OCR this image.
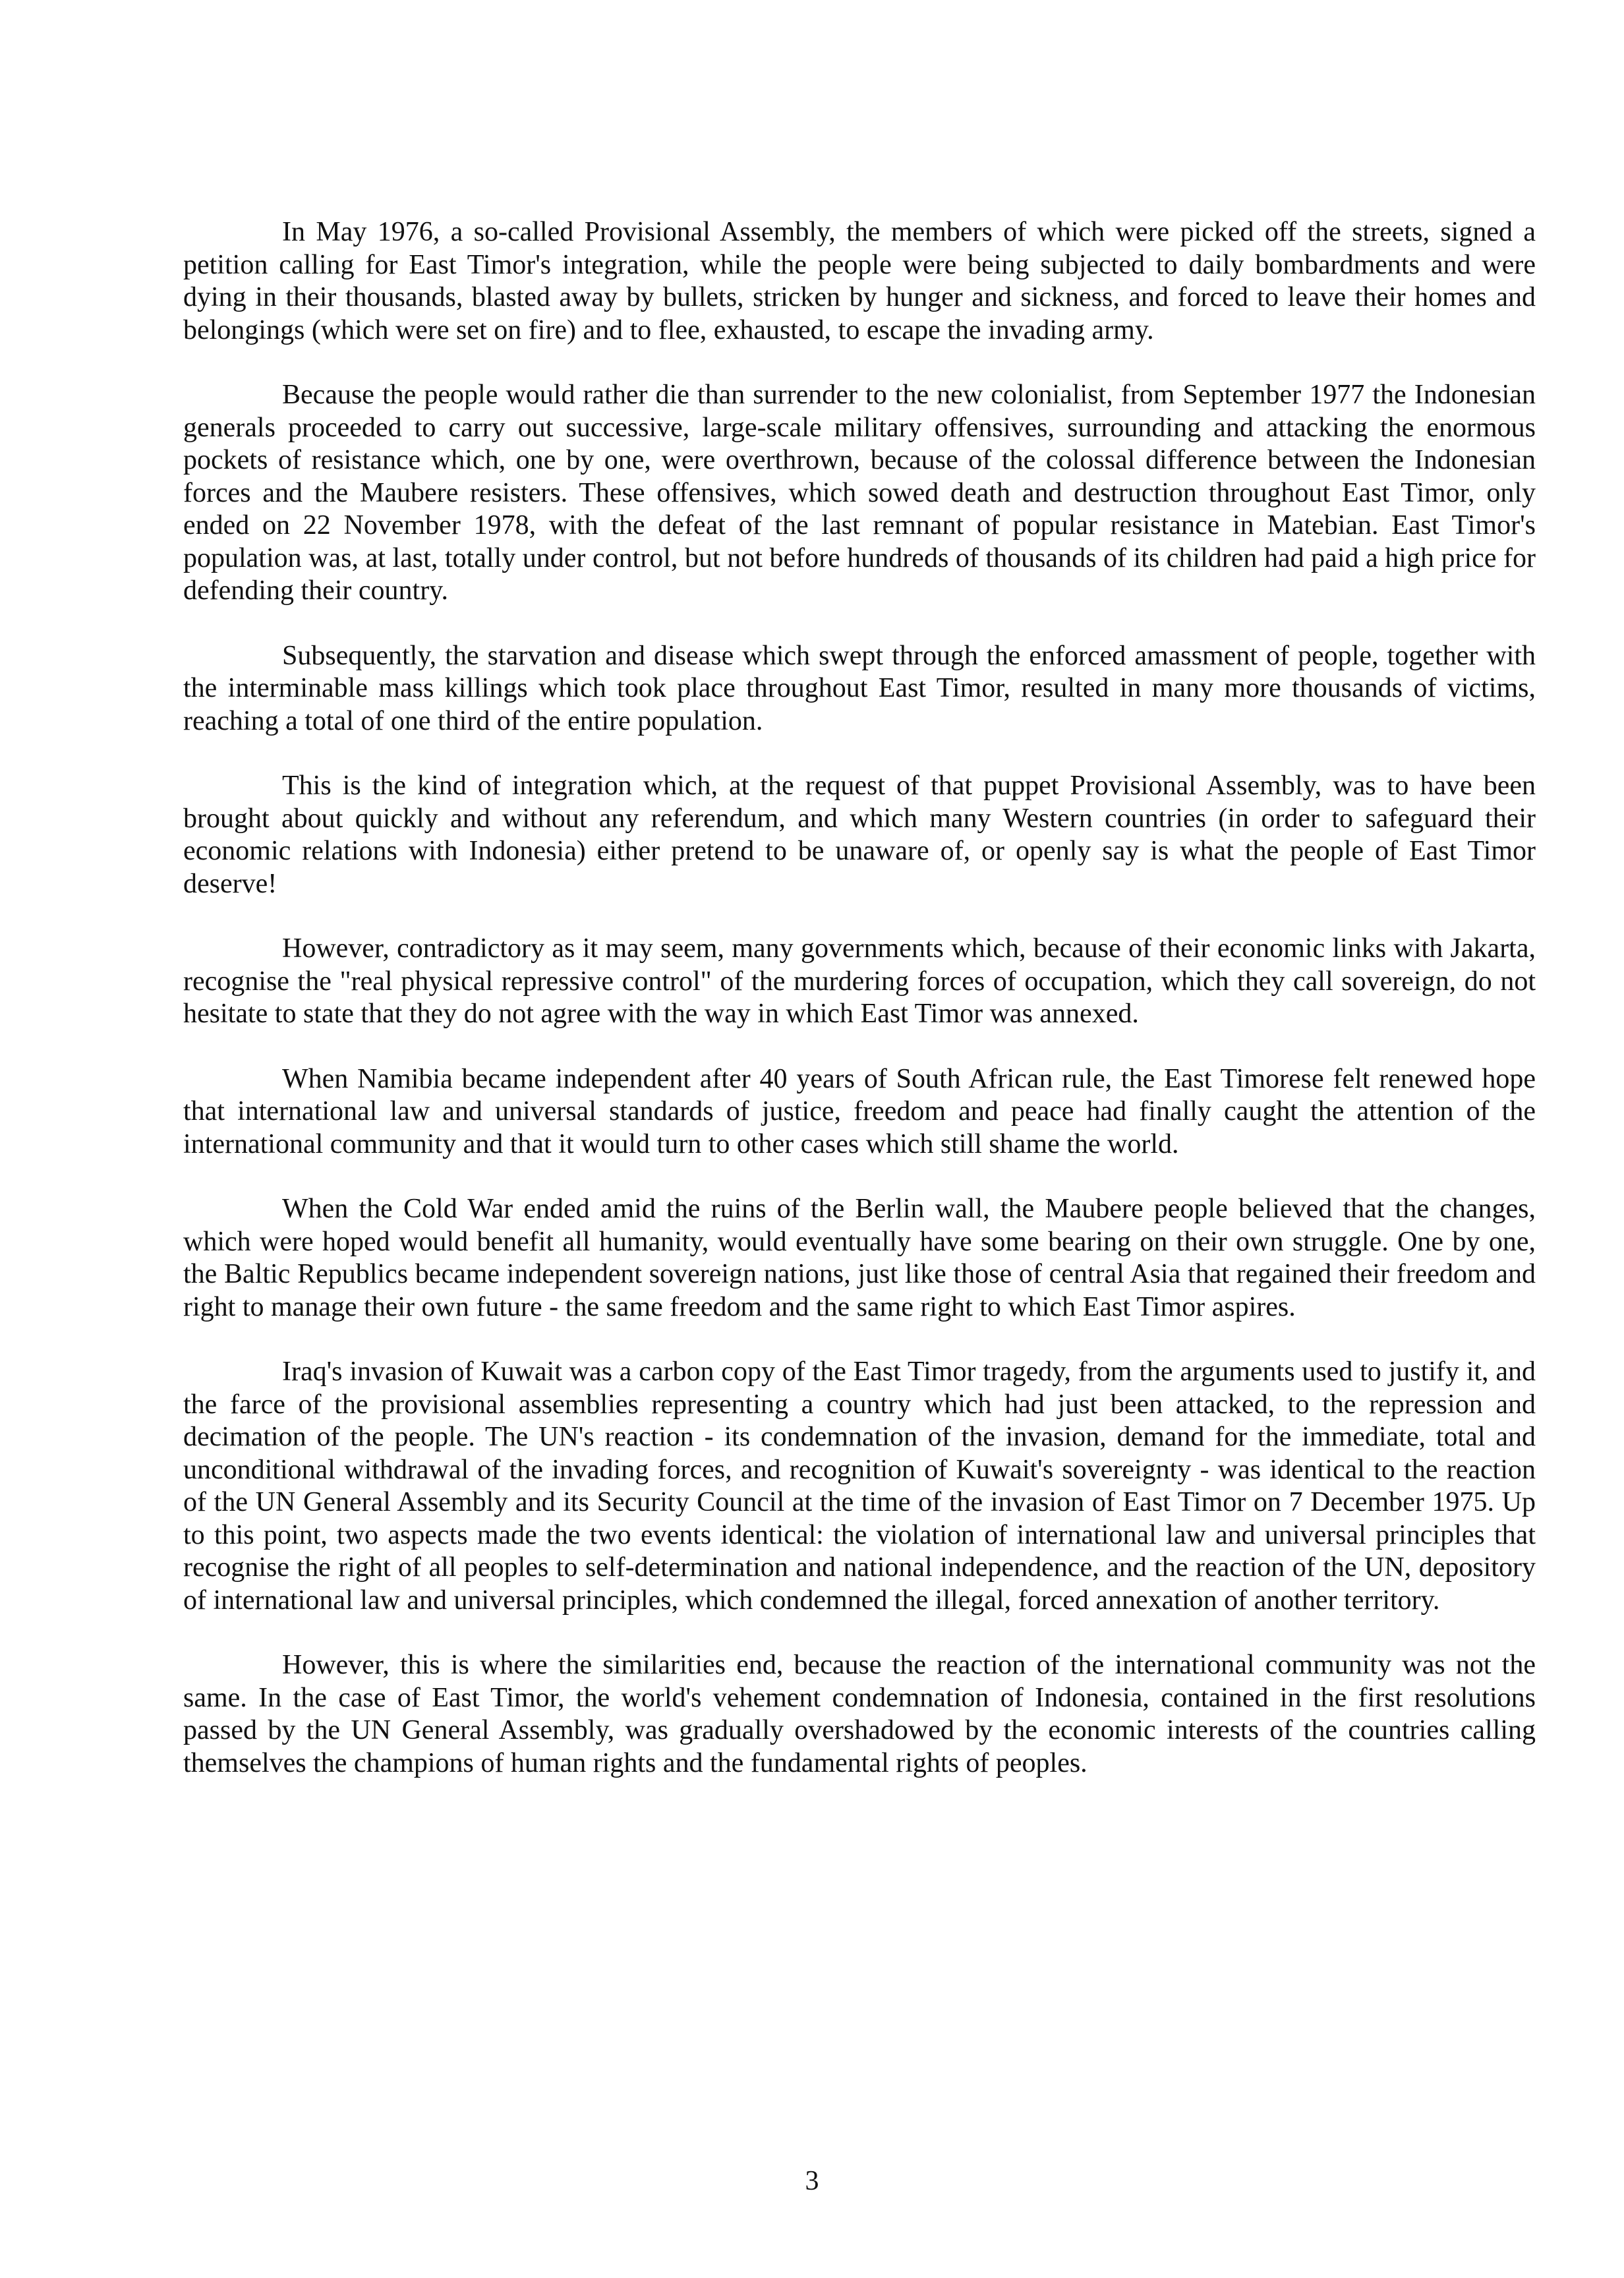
In May 1976, a so-called Provisional Assembly, the members of which were picked off the streets, signed a petition calling for East Timor's integration, while the people were being subjected to daily bombardments and were dying in their thousands, blasted away by bullets, stricken by hunger and sickness, and forced to leave their homes and belongings (which were set on fire) and to flee, exhausted, to escape the invading army.

Because the people would rather die than surrender to the new colonialist, from September 1977 the Indonesian generals proceeded to carry out successive, large-scale military offensives, surrounding and attacking the enormous pockets of resistance which, one by one, were overthrown, because of the colossal difference between the Indonesian forces and the Maubere resisters. These offensives, which sowed death and destruction throughout East Timor, only ended on 22 November 1978, with the defeat of the last remnant of popular resistance in Matebian. East Timor's population was, at last, totally under control, but not before hundreds of thousands of its children had paid a high price for defending their country.

Subsequently, the starvation and disease which swept through the enforced amassment of people, together with the interminable mass killings which took place throughout East Timor, resulted in many more thousands of victims, reaching a total of one third of the entire population.

This is the kind of integration which, at the request of that puppet Provisional Assembly, was to have been brought about quickly and without any referendum, and which many Western countries (in order to safeguard their economic relations with Indonesia) either pretend to be unaware of, or openly say is what the people of East Timor deserve!

However, contradictory as it may seem, many governments which, because of their economic links with Jakarta, recognise the "real physical repressive control" of the murdering forces of occupation, which they call sovereign, do not hesitate to state that they do not agree with the way in which East Timor was annexed.

When Namibia became independent after 40 years of South African rule, the East Timorese felt renewed hope that international law and universal standards of justice, freedom and peace had finally caught the attention of the international community and that it would turn to other cases which still shame the world.

When the Cold War ended amid the ruins of the Berlin wall, the Maubere people believed that the changes, which were hoped would benefit all humanity, would eventually have some bearing on their own struggle. One by one, the Baltic Republics became independent sovereign nations, just like those of central Asia that regained their freedom and right to manage their own future - the same freedom and the same right to which East Timor aspires.

Iraq's invasion of Kuwait was a carbon copy of the East Timor tragedy, from the arguments used to justify it, and the farce of the provisional assemblies representing a country which had just been attacked, to the repression and decimation of the people. The UN's reaction - its condemnation of the invasion, demand for the immediate, total and unconditional withdrawal of the invading forces, and recognition of Kuwait's sovereignty - was identical to the reaction of the UN General Assembly and its Security Council at the time of the invasion of East Timor on 7 December 1975. Up to this point, two aspects made the two events identical: the violation of international law and universal principles that recognise the right of all peoples to self-determination and national independence, and the reaction of the UN, depository of international law and universal principles, which condemned the illegal, forced annexation of another territory.

However, this is where the similarities end, because the reaction of the international community was not the same. In the case of East Timor, the world's vehement condemnation of Indonesia, contained in the first resolutions passed by the UN General Assembly, was gradually overshadowed by the economic interests of the countries calling themselves the champions of human rights and the fundamental rights of peoples.

3
